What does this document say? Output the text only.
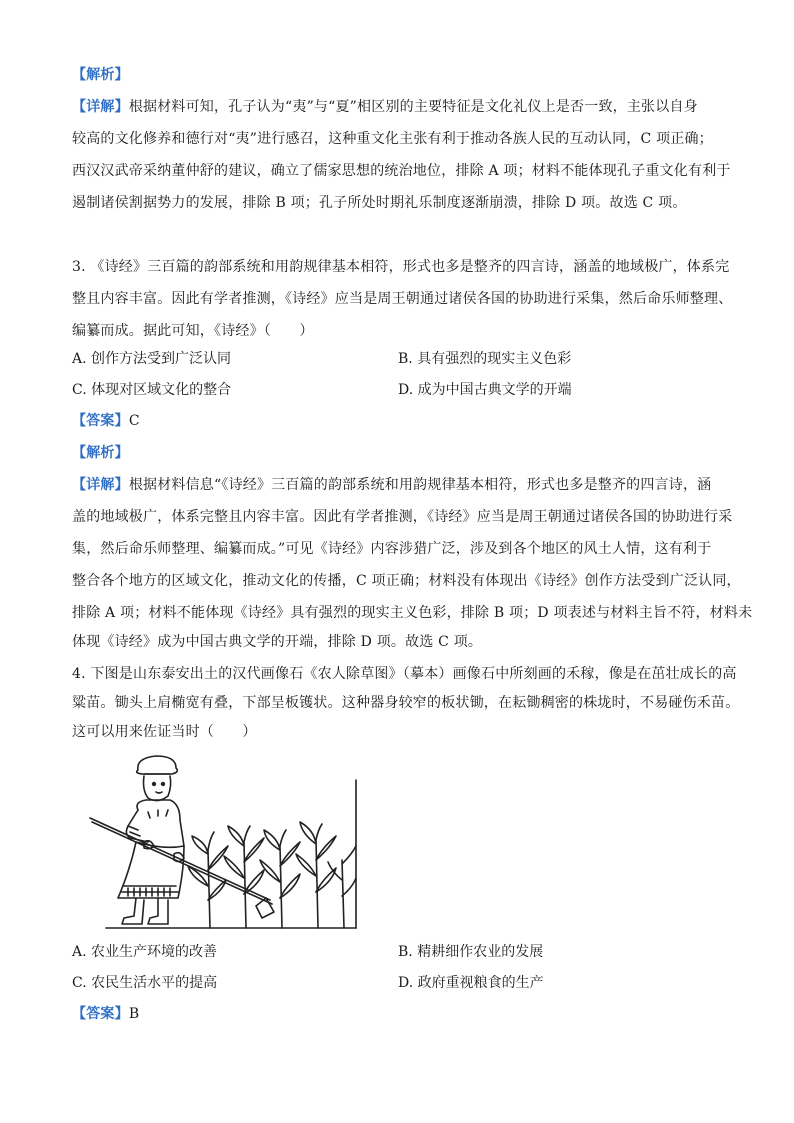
【解析】
【详解】根据材料可知，孔子认为“夷”与“夏”相区别的主要特征是文化礼仪上是否一致，主张以自身
较高的文化修养和德行对“夷”进行感召，这种重文化主张有利于推动各族人民的互动认同，C 项正确；
西汉汉武帝采纳董仲舒的建议，确立了儒家思想的统治地位，排除 A 项；材料不能体现孔子重文化有利于
遏制诸侯割据势力的发展，排除 B 项；孔子所处时期礼乐制度逐渐崩溃，排除 D 项。故选 C 项。
3. 《诗经》三百篇的韵部系统和用韵规律基本相符，形式也多是整齐的四言诗，涵盖的地域极广，体系完
整且内容丰富。因此有学者推测，《诗经》应当是周王朝通过诸侯各国的协助进行采集，然后命乐师整理、
编纂而成。据此可知，《诗经》（　　）
A. 创作方法受到广泛认同	B. 具有强烈的现实主义色彩
C. 体现对区域文化的整合	D. 成为中国古典文学的开端
【答案】C
【解析】
【详解】根据材料信息“《诗经》三百篇的韵部系统和用韵规律基本相符，形式也多是整齐的四言诗，涵
盖的地域极广，体系完整且内容丰富。因此有学者推测，《诗经》应当是周王朝通过诸侯各国的协助进行采
集，然后命乐师整理、编纂而成。”可见《诗经》内容涉猎广泛，涉及到各个地区的风土人情，这有利于
整合各个地方的区域文化，推动文化的传播，C 项正确；材料没有体现出《诗经》创作方法受到广泛认同，
排除 A 项；材料不能体现《诗经》具有强烈的现实主义色彩，排除 B 项；D 项表述与材料主旨不符，材料未
体现《诗经》成为中国古典文学的开端，排除 D 项。故选 C 项。
4. 下图是山东泰安出土的汉代画像石《农人除草图》（摹本）画像石中所刻画的禾稼，像是在茁壮成长的高
粱苗。锄头上肩椭宽有叠，下部呈板镬状。这种器身较窄的板状锄，在耘锄稠密的株垅时，不易碰伤禾苗。
这可以用来佐证当时（　　）
A. 农业生产环境的改善	B. 精耕细作农业的发展
C. 农民生活水平的提高	D. 政府重视粮食的生产
【答案】B
